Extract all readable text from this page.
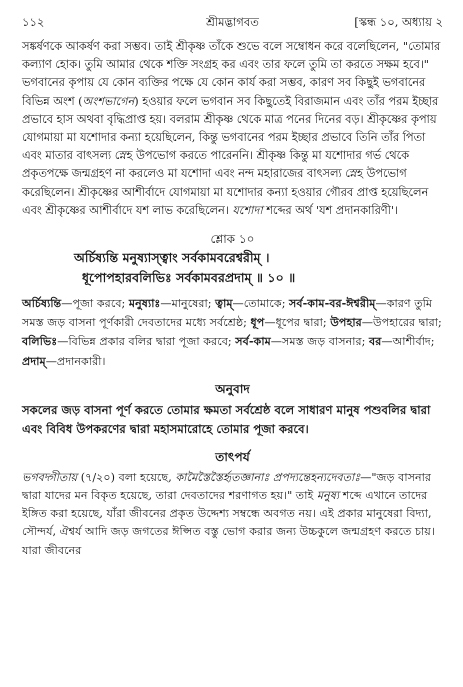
১১২	শ্রীমদ্ভাগবত	[স্কন্ধ ১০, অধ্যায় ২

সঙ্কর্ষণকে আকর্ষণ করা সম্ভব। তাই শ্রীকৃষ্ণ তাঁকে শুভে বলে সম্বোধন করে বলেছিলেন, "তোমার কল্যাণ হোক। তুমি আমার থেকে শক্তি সংগ্রহ কর এবং তার ফলে তুমি তা করতে সক্ষম হবে।" ভগবানের কৃপায় যে কোন ব্যক্তির পক্ষে যে কোন কার্য করা সম্ভব, কারণ সব কিছুই ভগবানের বিভিন্ন অংশ (অংশভাগেন) হওয়ার ফলে ভগবান সব কিছুতেই বিরাজমান এবং তাঁর পরম ইচ্ছার প্রভাবে হাস অথবা বৃদ্ধিপ্রাপ্ত হয়। বলরাম শ্রীকৃষ্ণ থেকে মাত্র পনের দিনের বড়। শ্রীকৃষ্ণের কৃপায় যোগমায়া মা যশোদার কন্যা হয়েছিলেন, কিন্তু ভগবানের পরম ইচ্ছার প্রভাবে তিনি তাঁর পিতা এবং মাতার বাৎসল্য স্নেহ উপভোগ করতে পারেননি। শ্রীকৃষ্ণ কিন্তু মা যশোদার গর্ভ থেকে প্রকৃতপক্ষে জন্মগ্রহণ না করলেও মা যশোদা এবং নন্দ মহারাজের বাৎসল্য স্নেহ উপভোগ করেছিলেন। শ্রীকৃষ্ণের আশীর্বাদে যোগমায়া মা যশোদার কন্যা হওয়ার গৌরব প্রাপ্ত হয়েছিলেন এবং শ্রীকৃষ্ণের আশীর্বাদে যশ লাভ করেছিলেন। যশোদা শব্দের অর্থ 'যশ প্রদানকারিণী'।

শ্লোক ১০
অর্চিষ্যন্তি মনুষ্যাস্ত্বাং সর্বকামবরেশ্বরীম্ ।
ধূপোপহারবলিভিঃ সর্বকামবরপ্রদাম্ ॥ ১০ ॥
অর্চিষ্যন্তি—পূজা করবে; মনুষ্যাঃ—মানুষেরা; ত্বাম্—তোমাকে; সর্ব-কাম-বর-ঈশ্বরীম্—কারণ তুমি সমস্ত জড় বাসনা পূর্ণকারী দেবতাদের মধ্যে সর্বশ্রেষ্ঠ; ধূপ—ধূপের দ্বারা; উপহার—উপহারের দ্বারা; বলিভিঃ—বিভিন্ন প্রকার বলির দ্বারা পূজা করবে; সর্ব-কাম—সমস্ত জড় বাসনার; বর—আশীর্বাদ; প্রদাম্—প্রদানকারী।
অনুবাদ
সকলের জড় বাসনা পূর্ণ করতে তোমার ক্ষমতা সর্বশ্রেষ্ঠ বলে সাধারণ মানুষ পশুবলির দ্বারা এবং বিবিধ উপকরণের দ্বারা মহাসমারোহে তোমার পূজা করবে।
তাৎপর্য
ভগবদ্গীতায় (৭/২০) বলা হয়েছে, কামৈস্তৈস্তৈর্হৃতজ্ঞানাঃ প্রপদ্যন্তেহন্যদেবতাঃ—"জড় বাসনার দ্বারা যাদের মন বিকৃত হয়েছে, তারা দেবতাদের শরণাগত হয়।" তাই মনুষ্য শব্দে এখানে তাদের ইঙ্গিত করা হয়েছে, যাঁরা জীবনের প্রকৃত উদ্দেশ্য সম্বন্ধে অবগত নয়। এই প্রকার মানুষেরা বিদ্যা, সৌন্দর্য, ঐশ্বর্য আদি জড় জগতের ঈপ্সিত বস্তু ভোগ করার জন্য উচ্চকুলে জন্মগ্রহণ করতে চায়। যারা জীবনের
